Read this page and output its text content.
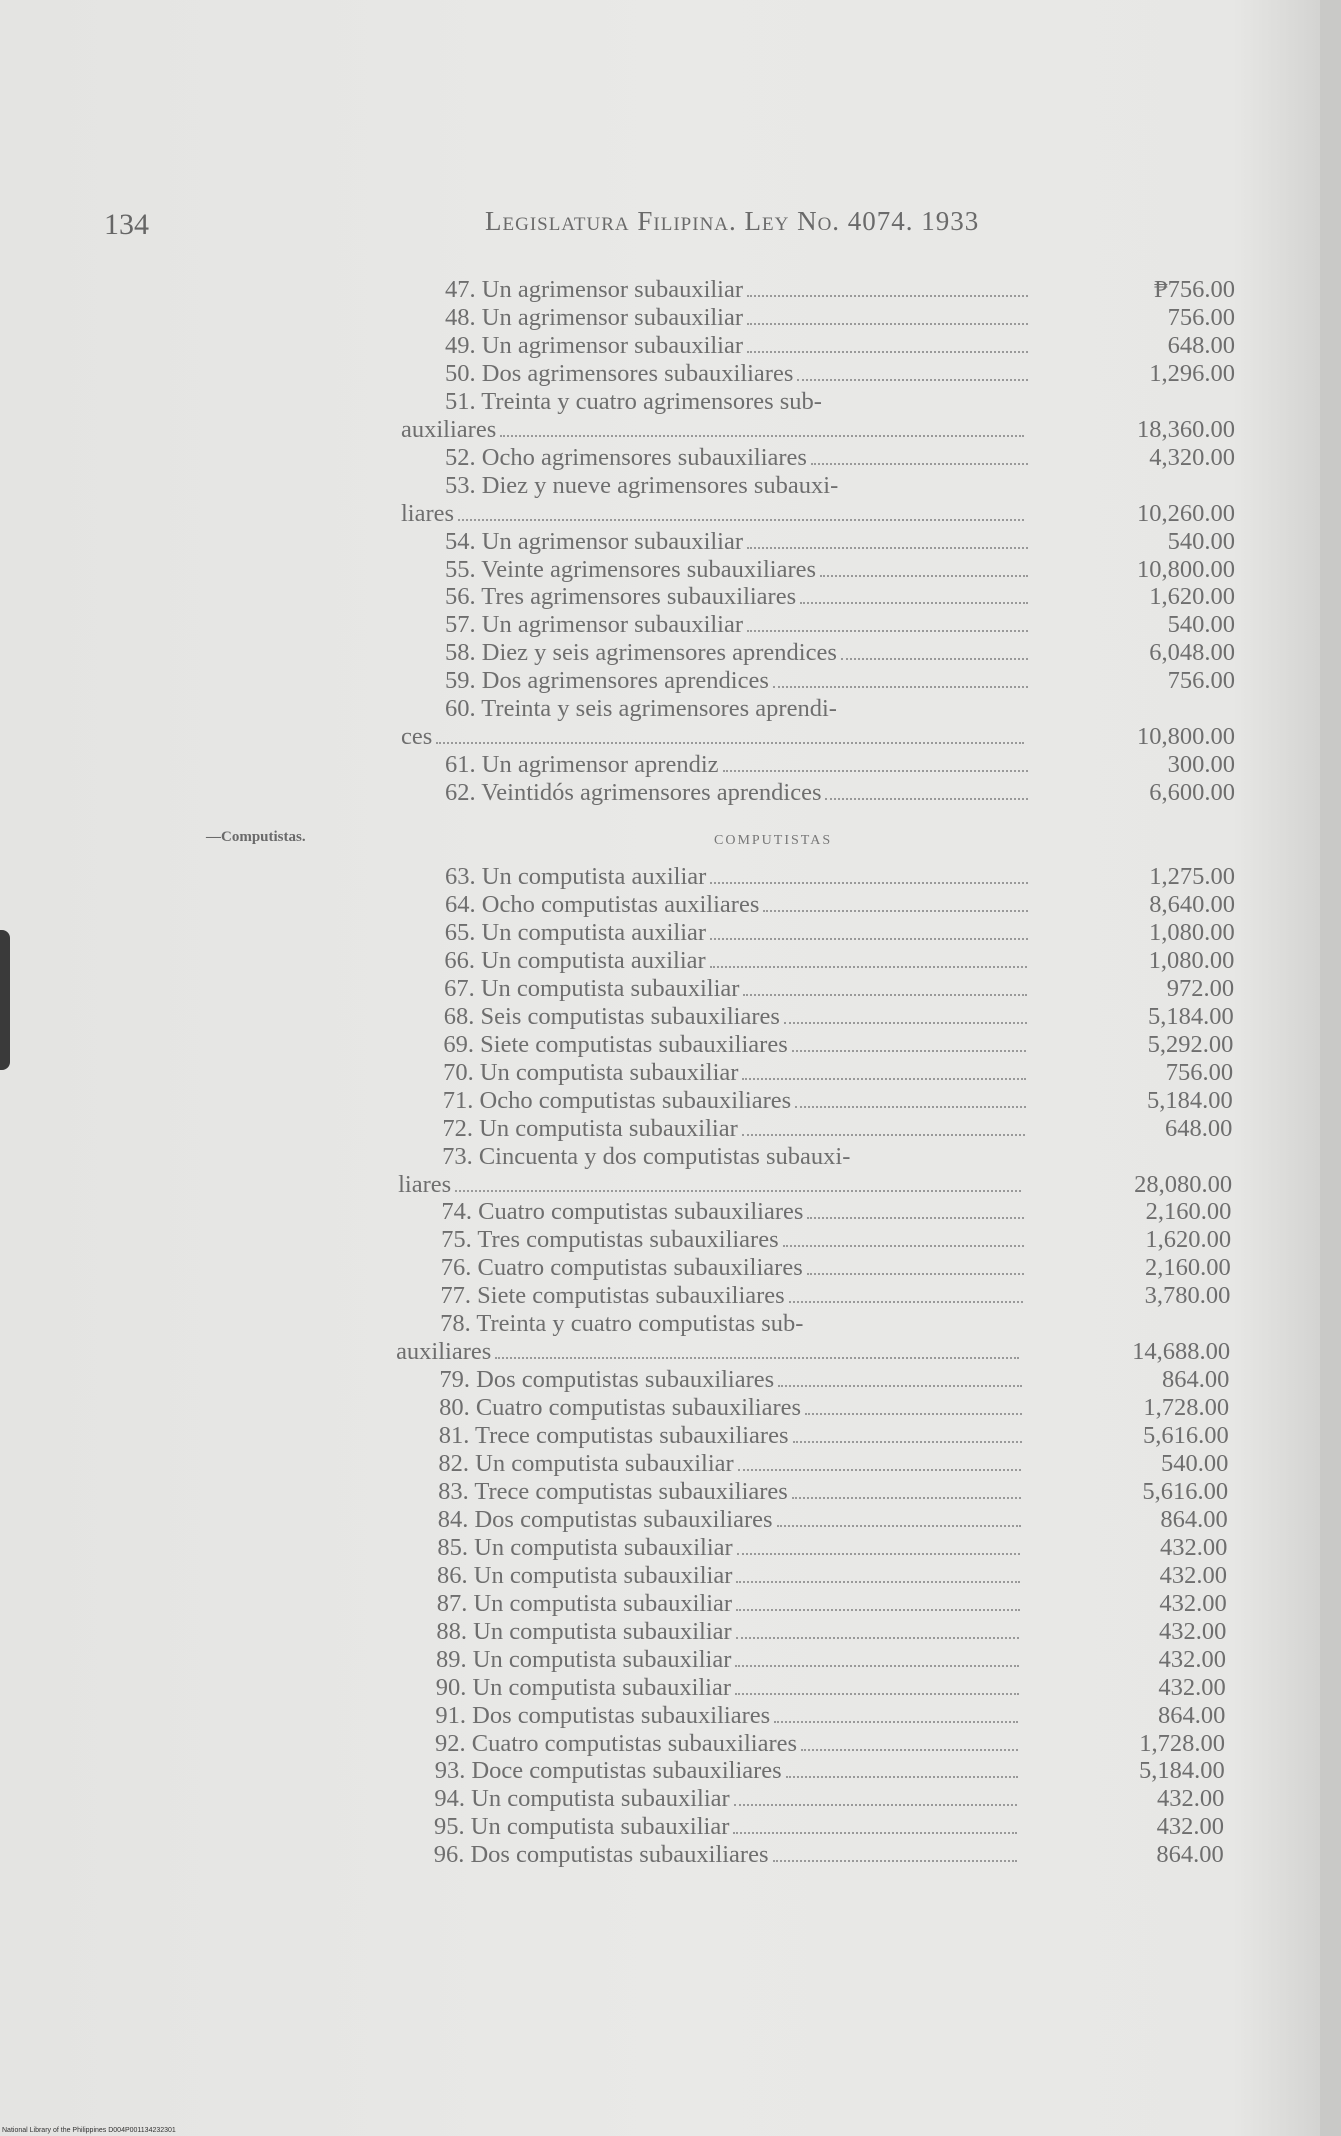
134	Legislatura Filipina. Ley No. 4074. 1933
—Computistas.	COMPUTISTAS
47. Un agrimensor subauxiliar	₱756.00
48. Un agrimensor subauxiliar	756.00
49. Un agrimensor subauxiliar	648.00
50. Dos agrimensores subauxiliares	1,296.00
51. Treinta y cuatro agrimensores sub-
auxiliares	18,360.00
52. Ocho agrimensores subauxiliares	4,320.00
53. Diez y nueve agrimensores subauxi-
liares	10,260.00
54. Un agrimensor subauxiliar	540.00
55. Veinte agrimensores subauxiliares	10,800.00
56. Tres agrimensores subauxiliares	1,620.00
57. Un agrimensor subauxiliar	540.00
58. Diez y seis agrimensores aprendices	6,048.00
59. Dos agrimensores aprendices	756.00
60. Treinta y seis agrimensores aprendi-
ces	10,800.00
61. Un agrimensor aprendiz	300.00
62. Veintidós agrimensores aprendices	6,600.00
63. Un computista auxiliar	1,275.00
64. Ocho computistas auxiliares	8,640.00
65. Un computista auxiliar	1,080.00
66. Un computista auxiliar	1,080.00
67. Un computista subauxiliar	972.00
68. Seis computistas subauxiliares	5,184.00
69. Siete computistas subauxiliares	5,292.00
70. Un computista subauxiliar	756.00
71. Ocho computistas subauxiliares	5,184.00
72. Un computista subauxiliar	648.00
73. Cincuenta y dos computistas subauxi-
liares	28,080.00
74. Cuatro computistas subauxiliares	2,160.00
75. Tres computistas subauxiliares	1,620.00
76. Cuatro computistas subauxiliares	2,160.00
77. Siete computistas subauxiliares	3,780.00
78. Treinta y cuatro computistas sub-
auxiliares	14,688.00
79. Dos computistas subauxiliares	864.00
80. Cuatro computistas subauxiliares	1,728.00
81. Trece computistas subauxiliares	5,616.00
82. Un computista subauxiliar	540.00
83. Trece computistas subauxiliares	5,616.00
84. Dos computistas subauxiliares	864.00
85. Un computista subauxiliar	432.00
86. Un computista subauxiliar	432.00
87. Un computista subauxiliar	432.00
88. Un computista subauxiliar	432.00
89. Un computista subauxiliar	432.00
90. Un computista subauxiliar	432.00
91. Dos computistas subauxiliares	864.00
92. Cuatro computistas subauxiliares	1,728.00
93. Doce computistas subauxiliares	5,184.00
94. Un computista subauxiliar	432.00
95. Un computista subauxiliar	432.00
96. Dos computistas subauxiliares	864.00
National Library of the Philippines D004P001134232301
